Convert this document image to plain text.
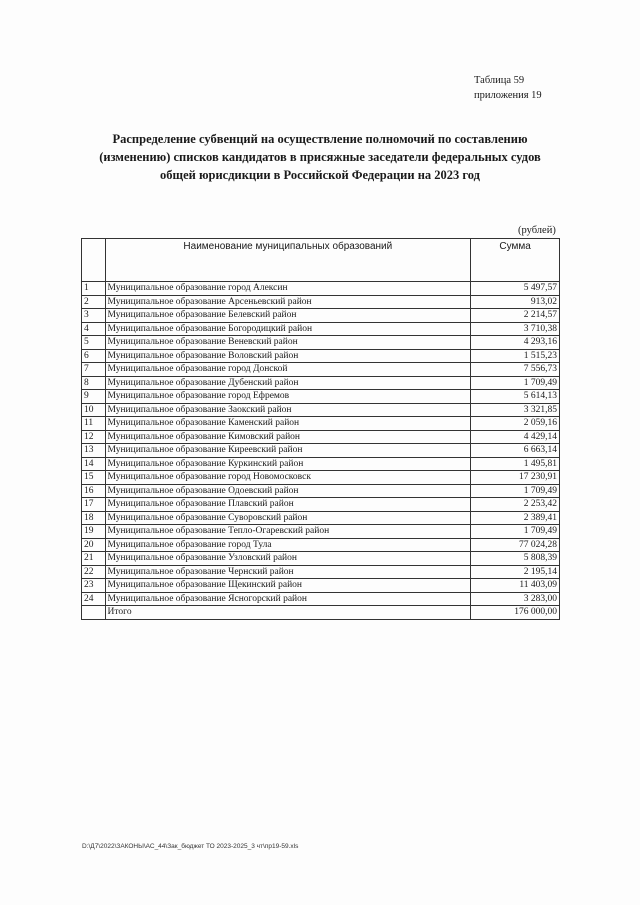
Таблица 59
приложения 19
Распределение субвенций на осуществление полномочий по составлению
(изменению) списков кандидатов в присяжные заседатели федеральных судов
общей юрисдикции в Российской Федерации на 2023 год
(рублей)
	Наименование муниципальных образований	Сумма
1	Муниципальное образование город Алексин	5 497,57
2	Муниципальное образование Арсеньевский район	913,02
3	Муниципальное образование Белевский район	2 214,57
4	Муниципальное образование Богородицкий район	3 710,38
5	Муниципальное образование Веневский район	4 293,16
6	Муниципальное образование Воловский район	1 515,23
7	Муниципальное образование город Донской	7 556,73
8	Муниципальное образование Дубенский район	1 709,49
9	Муниципальное образование город Ефремов	5 614,13
10	Муниципальное образование Заокский район	3 321,85
11	Муниципальное образование Каменский район	2 059,16
12	Муниципальное образование Кимовский район	4 429,14
13	Муниципальное образование Киреевский район	6 663,14
14	Муниципальное образование Куркинский район	1 495,81
15	Муниципальное образование город Новомосковск	17 230,91
16	Муниципальное образование Одоевский район	1 709,49
17	Муниципальное образование Плавский район	2 253,42
18	Муниципальное образование Суворовский район	2 389,41
19	Муниципальное образование Тепло-Огаревский район	1 709,49
20	Муниципальное образование город Тула	77 024,28
21	Муниципальное образование Узловский район	5 808,39
22	Муниципальное образование Чернский район	2 195,14
23	Муниципальное образование Щекинский район	11 403,09
24	Муниципальное образование Ясногорский район	3 283,00
	Итого	176 000,00
D:\Д7\2022\ЗАКОНЫ\АС_44\Зак_бюджет ТО 2023-2025_3 чт\пр19-59.xls
